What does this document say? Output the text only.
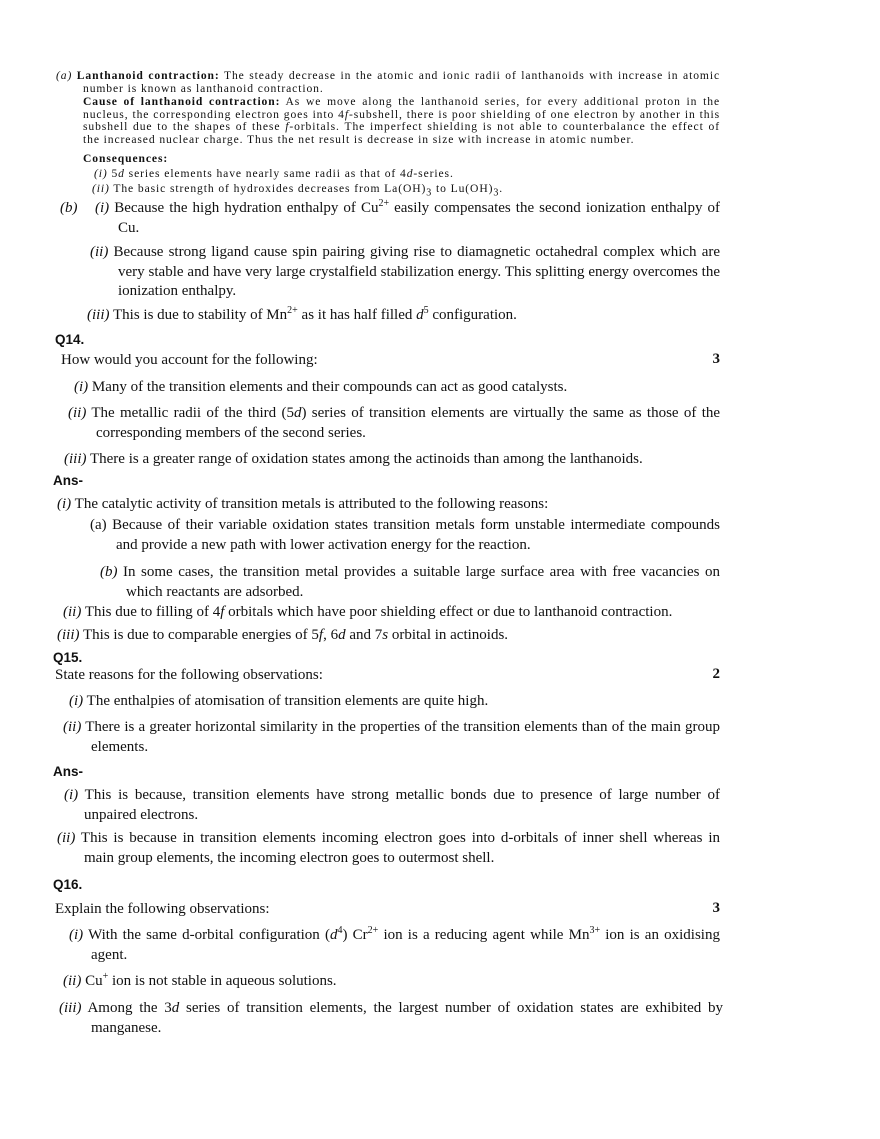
(a) Lanthanoid contraction: The steady decrease in the atomic and ionic radii of lanthanoids with increase in atomic number is known as lanthanoid contraction.
Cause of lanthanoid contraction: As we move along the lanthanoid series, for every additional proton in the nucleus, the corresponding electron goes into 4f-subshell, there is poor shielding of one electron by another in this subshell due to the shapes of these f-orbitals. The imperfect shielding is not able to counterbalance the effect of the increased nuclear charge. Thus the net result is decrease in size with increase in atomic number.
Consequences:
(i) 5d series elements have nearly same radii as that of 4d-series.
(ii) The basic strength of hydroxides decreases from $La(OH)_3$ to $Lu(OH)_3$.
(b) (i) Because the high hydration enthalpy of $Cu^{2+}$ easily compensates the second ionization enthalpy of Cu.
(ii) Because strong ligand cause spin pairing giving rise to diamagnetic octahedral complex which are very stable and have very large crystalfield stabilization energy. This splitting energy overcomes the ionization enthalpy.
(iii) This is due to stability of $Mn^{2+}$ as it has half filled $d^5$ configuration.
Q14.
How would you account for the following:	3
(i) Many of the transition elements and their compounds can act as good catalysts.
(ii) The metallic radii of the third (5d) series of transition elements are virtually the same as those of the corresponding members of the second series.
(iii) There is a greater range of oxidation states among the actinoids than among the lanthanoids.
Ans-
(i) The catalytic activity of transition metals is attributed to the following reasons:
(a) Because of their variable oxidation states transition metals form unstable intermediate compounds and provide a new path with lower activation energy for the reaction.
(b) In some cases, the transition metal provides a suitable large surface area with free vacancies on which reactants are adsorbed.
(ii) This due to filling of 4f orbitals which have poor shielding effect or due to lanthanoid contraction.
(iii) This is due to comparable energies of 5f, 6d and 7s orbital in actinoids.
Q15.
State reasons for the following observations:	2
(i) The enthalpies of atomisation of transition elements are quite high.
(ii) There is a greater horizontal similarity in the properties of the transition elements than of the main group elements.
Ans-
(i) This is because, transition elements have strong metallic bonds due to presence of large number of unpaired electrons.
(ii) This is because in transition elements incoming electron goes into d-orbitals of inner shell whereas in main group elements, the incoming electron goes to outermost shell.
Q16.
Explain the following observations:	3
(i) With the same d-orbital configuration $(d^4)$ $Cr^{2+}$ ion is a reducing agent while $Mn^{3+}$ ion is an oxidising agent.
(ii) Cu+ ion is not stable in aqueous solutions.
(iii) Among the 3d series of transition elements, the largest number of oxidation states are exhibited by manganese.
